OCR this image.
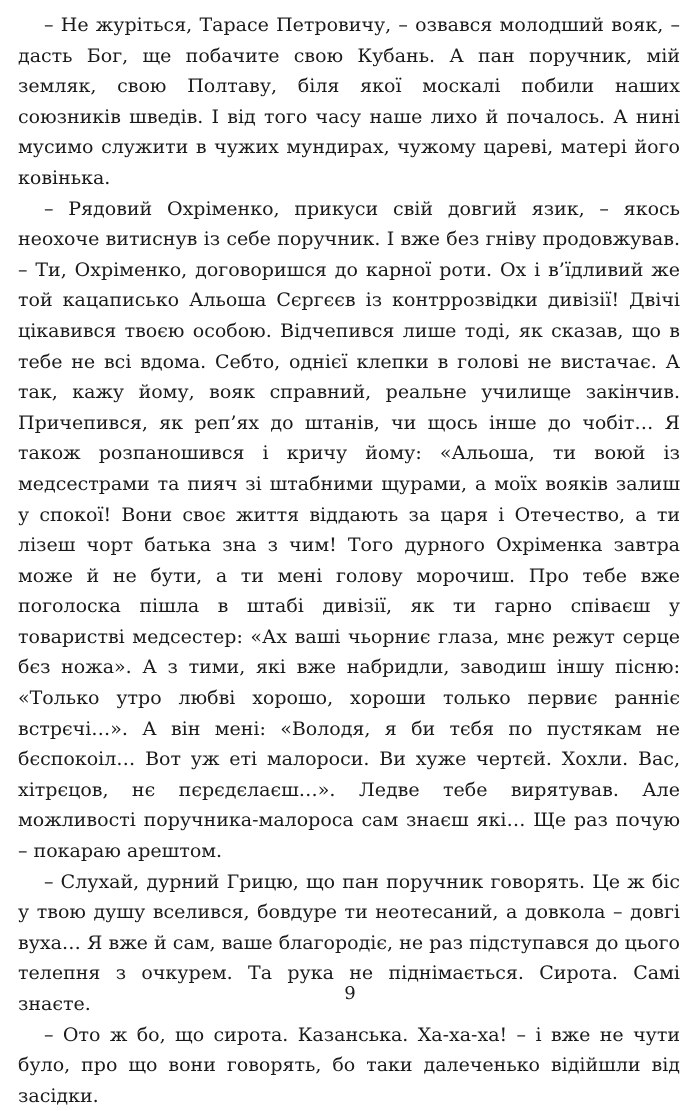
– Не журіться, Тарасе Петровичу, – озвався молодший вояк, – дасть Бог, ще побачите свою Кубань. А пан поручник, мій земляк, свою Полтаву, біля якої москалі побили наших союзників шведів. І від того часу наше лихо й почалось. А нині мусимо служити в чужих мундирах, чужому цареві, матері його ковінька.

– Рядовий Охріменко, прикуси свій довгий язик, – якось неохоче витиснув із себе поручник. І вже без гніву продовжував. – Ти, Охріменко, договоришся до карної роти. Ох і в’їдливий же той кацаписько Альоша Сєргєєв із контррозвідки дивізії! Двічі цікавився твоєю особою. Відчепився лише тоді, як сказав, що в тебе не всі вдома. Себто, однієї клепки в голові не вистачає. А так, кажу йому, вояк справний, реальне училище закінчив. Причепився, як реп’ях до штанів, чи щось інше до чобіт… Я також розпаношився і кричу йому: «Альоша, ти воюй із медсестрами та пияч зі штабними щурами, а моїх вояків залиш у спокої! Вони своє життя віддають за царя і Отечество, а ти лізеш чорт батька зна з чим! Того дурного Охріменка завтра може й не бути, а ти мені голову морочиш. Про тебе вже поголоска пішла в штабі дивізії, як ти гарно співаєш у товаристві медсестер: «Ах ваші чьорниє глаза, мнє режут серце бєз ножа». А з тими, які вже набридли, заводиш іншу пісню: «Только утро любві хорошо, хороши только первиє ранніє встрєчі…». А він мені: «Володя, я би тєбя по пустякам не бєспокоіл… Вот уж еті малороси. Ви хуже чертєй. Хохли. Вас, хітрєцов, нє пєрєдєлаєш…». Ледве тебе вирятував. Але можливості поручника-малороса сам знаєш які… Ще раз почую – покараю арештом.

– Слухай, дурний Грицю, що пан поручник говорять. Це ж біс у твою душу вселився, бовдуре ти неотесаний, а довкола – довгі вуха… Я вже й сам, ваше благородіє, не раз підступався до цього телепня з очкурем. Та рука не піднімається. Сирота. Самі знаєте.

– Ото ж бо, що сирота. Казанська. Ха-ха-ха! – і вже не чути було, про що вони говорять, бо таки далеченько відійшли від засідки.

9
